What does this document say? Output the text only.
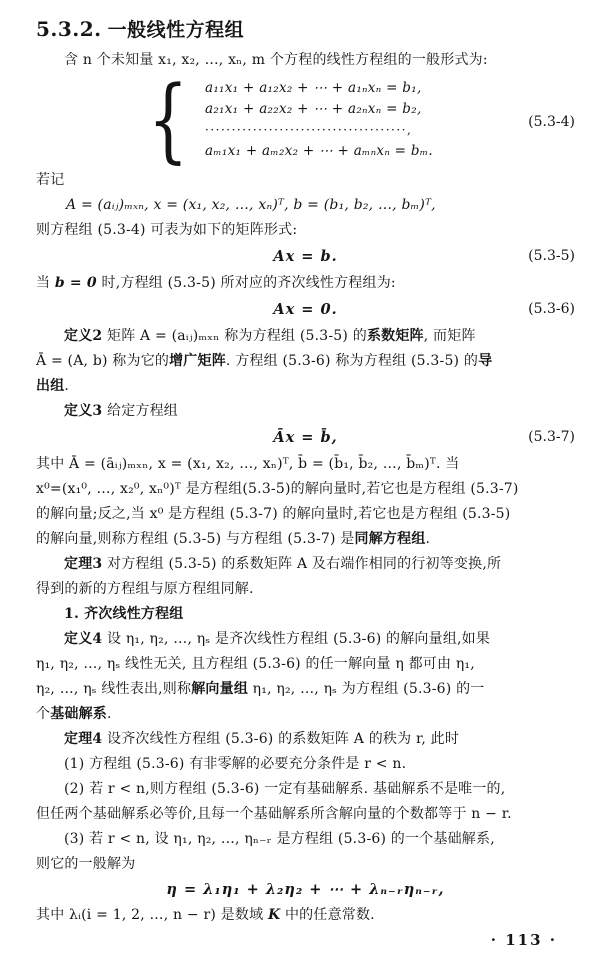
5.3.2. 一般线性方程组

含 n 个未知量 x₁, x₂, …, xₙ, m 个方程的线性方程组的一般形式为:

{ a₁₁x₁ + a₁₂x₂ + ⋯ + a₁ₙxₙ = b₁,
a₂₁x₁ + a₂₂x₂ + ⋯ + a₂ₙxₙ = b₂,
······································,
aₘ₁x₁ + aₘ₂x₂ + ⋯ + aₘₙxₙ = bₘ.
(5.3-4)

若记

A = (aᵢⱼ)ₘₓₙ, x = (x₁, x₂, …, xₙ)ᵀ, b = (b₁, b₂, …, bₘ)ᵀ,

则方程组 (5.3-4) 可表为如下的矩阵形式:

Ax = b.	(5.3-5)

当 b = 0 时,方程组 (5.3-5) 所对应的齐次线性方程组为:

Ax = 0.	(5.3-6)

定义2 矩阵 A = (aᵢⱼ)ₘₓₙ 称为方程组 (5.3-5) 的系数矩阵, 而矩阵

Ā = (A, b) 称为它的增广矩阵. 方程组 (5.3-6) 称为方程组 (5.3-5) 的导

出组.

定义3 给定方程组

Āx = b̄,	(5.3-7)

其中 Ā = (āᵢⱼ)ₘₓₙ, x = (x₁, x₂, …, xₙ)ᵀ, b̄ = (b̄₁, b̄₂, …, b̄ₘ)ᵀ. 当

x⁰=(x₁⁰, …, x₂⁰, xₙ⁰)ᵀ 是方程组(5.3-5)的解向量时,若它也是方程组 (5.3-7)

的解向量;反之,当 x⁰ 是方程组 (5.3-7) 的解向量时,若它也是方程组 (5.3-5)

的解向量,则称方程组 (5.3-5) 与方程组 (5.3-7) 是同解方程组.

定理3 对方程组 (5.3-5) 的系数矩阵 A 及右端作相同的行初等变换,所

得到的新的方程组与原方程组同解.

1. 齐次线性方程组

定义4 设 η₁, η₂, …, ηₛ 是齐次线性方程组 (5.3-6) 的解向量组,如果

η₁, η₂, …, ηₛ 线性无关, 且方程组 (5.3-6) 的任一解向量 η 都可由 η₁,

η₂, …, ηₛ 线性表出,则称解向量组 η₁, η₂, …, ηₛ 为方程组 (5.3-6) 的一

个基础解系.

定理4 设齐次线性方程组 (5.3-6) 的系数矩阵 A 的秩为 r, 此时

(1) 方程组 (5.3-6) 有非零解的必要充分条件是 r < n.

(2) 若 r < n,则方程组 (5.3-6) 一定有基础解系. 基础解系不是唯一的,

但任两个基础解系必等价,且每一个基础解系所含解向量的个数都等于 n − r.

(3) 若 r < n, 设 η₁, η₂, …, ηₙ₋ᵣ 是方程组 (5.3-6) 的一个基础解系,

则它的一般解为

η = λ₁η₁ + λ₂η₂ + ⋯ + λₙ₋ᵣηₙ₋ᵣ,

其中 λᵢ(i = 1, 2, …, n − r) 是数域 K 中的任意常数.

· 113 ·
